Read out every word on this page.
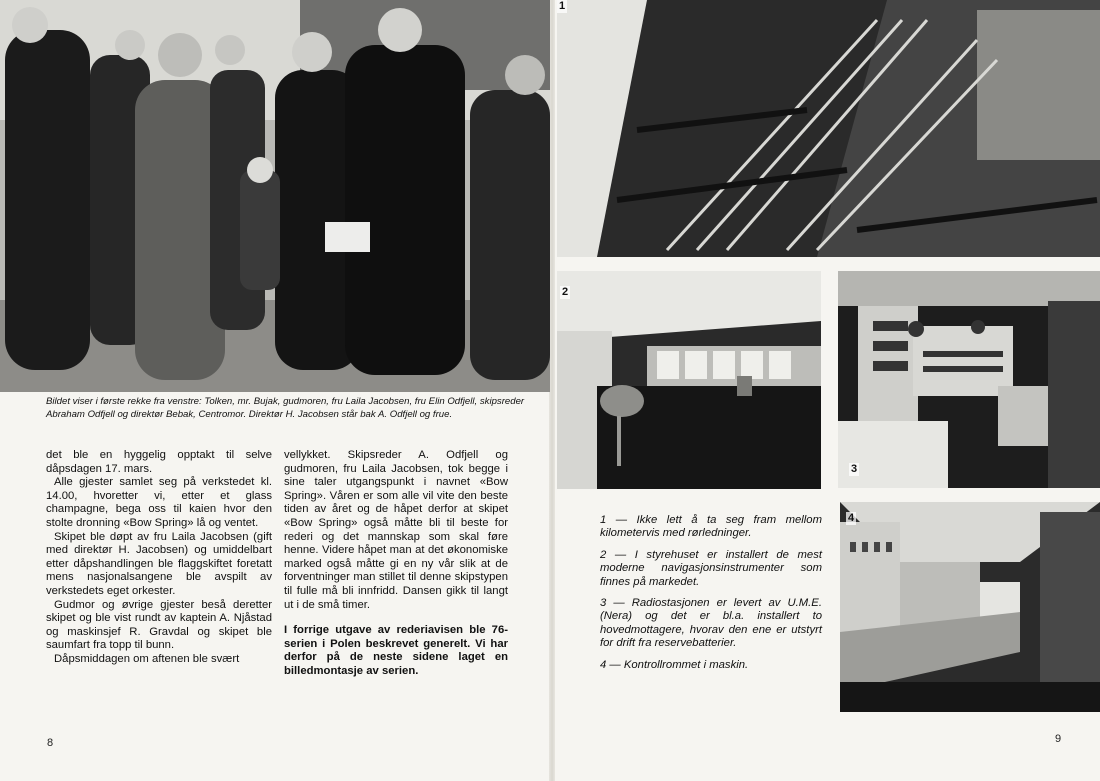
Bildet viser i første rekke fra venstre: Tolken, mr. Bujak, gudmoren, fru Laila Jacobsen, fru Elin Odfjell, skipsreder Abraham Odfjell og direktør Bebak, Centromor. Direktør H. Jacobsen står bak A. Odfjell og frue.

det ble en hyggelig opptakt til selve dåpsdagen 17. mars.

Alle gjester samlet seg på verkstedet kl. 14.00, hvoretter vi, etter et glass champagne, begа oss til kaien hvor den stolte dronning «Bow Spring» lå og ventet.

Skipet ble døpt av fru Laila Jacobsen (gift med direktør H. Jacobsen) og umiddelbart etter dåpshandlingen ble flaggskiftet foretatt mens nasjonalsangene ble avspilt av verkstedets eget orkester.

Gudmor og øvrige gjester beså deretter skipet og ble vist rundt av kaptein A. Njåstad og maskinsjef R. Gravdal og skipet ble saumfart fra topp til bunn.

Dåpsmiddagen om aftenen ble svært

vellykket. Skipsreder A. Odfjell og gudmoren, fru Laila Jacobsen, tok begge i sine taler utgangspunkt i navnet «Bow Spring». Våren er som alle vil vite den beste tiden av året og de håpet derfor at skipet «Bow Spring» også måtte bli til beste for rederi og det mannskap som skal føre henne. Videre håpet man at det økonomiske marked også måtte gi en ny vår slik at de forventninger man stillet til denne skipstypen til fulle må bli innfridd. Dansen gikk til langt ut i de små timer.

I forrige utgave av rederiavisen ble 76-serien i Polen beskrevet generelt. Vi har derfor på de neste sidene laget en billedmontasje av serien.

8
1
2
3
4

1 — Ikke lett å ta seg fram mellom kilometervis med rørledninger.

2 — I styrehuset er installert de mest moderne navigasjonsinstrumenter som finnes på markedet.

3 — Radiostasjonen er levert av U.M.E. (Nera) og det er bl.a. installert to hovedmottagere, hvorav den ene er utstyrt for drift fra reservebatterier.

4 — Kontrollrommet i maskin.

9
